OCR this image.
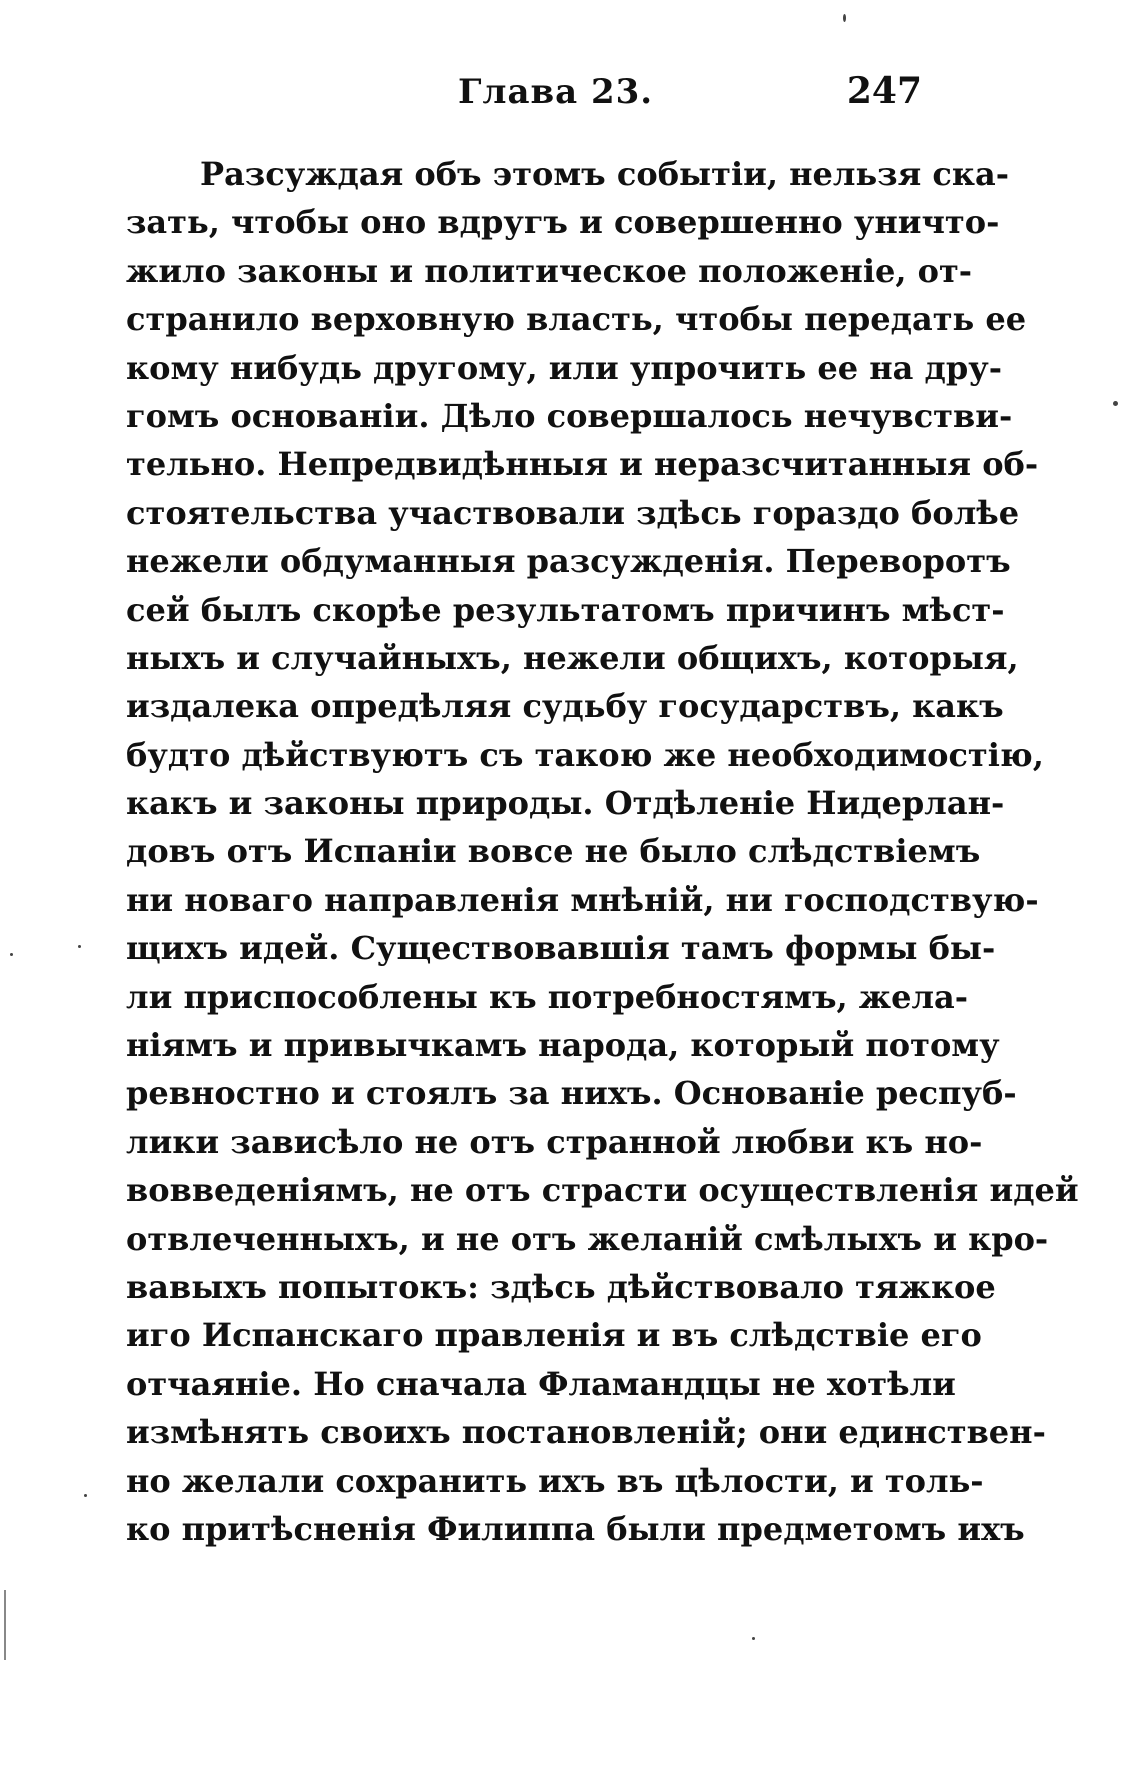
Глава 23.	247
Разсуждая объ этомъ событіи, нельзя ска-
зать, чтобы оно вдругъ и совершенно уничто-
жило законы и политическое положеніе, от-
странило верховную власть, чтобы передать ее
кому нибудь другому, или упрочить ее на дру-
гомъ основаніи. Дѣло совершалось нечувстви-
тельно. Непредвидѣнныя и неразсчитанныя об-
стоятельства участвовали здѣсь гораздо болѣе
нежели обдуманныя разсужденія. Переворотъ
сей былъ скорѣе результатомъ причинъ мѣст-
ныхъ и случайныхъ, нежели общихъ, которыя,
издалека опредѣляя судьбу государствъ, какъ
будто дѣйствуютъ съ такою же необходимостію,
какъ и законы природы. Отдѣленіе Нидерлан-
довъ отъ Испаніи вовсе не было слѣдствіемъ
ни новаго направленія мнѣній, ни господствую-
щихъ идей. Существовавшія тамъ формы бы-
ли приспособлены къ потребностямъ, жела-
ніямъ и привычкамъ народа, который потому
ревностно и стоялъ за нихъ. Основаніе респуб-
лики зависѣло не отъ странной любви къ но-
вовведеніямъ, не отъ страсти осуществленія идей
отвлеченныхъ, и не отъ желаній смѣлыхъ и кро-
вавыхъ попытокъ: здѣсь дѣйствовало тяжкое
иго Испанскаго правленія и въ слѣдствіе его
отчаяніе. Но сначала Фламандцы не хотѣли
измѣнять своихъ постановленій; они единствен-
но желали сохранить ихъ въ цѣлости, и толь-
ко притѣсненія Филиппа были предметомъ ихъ
